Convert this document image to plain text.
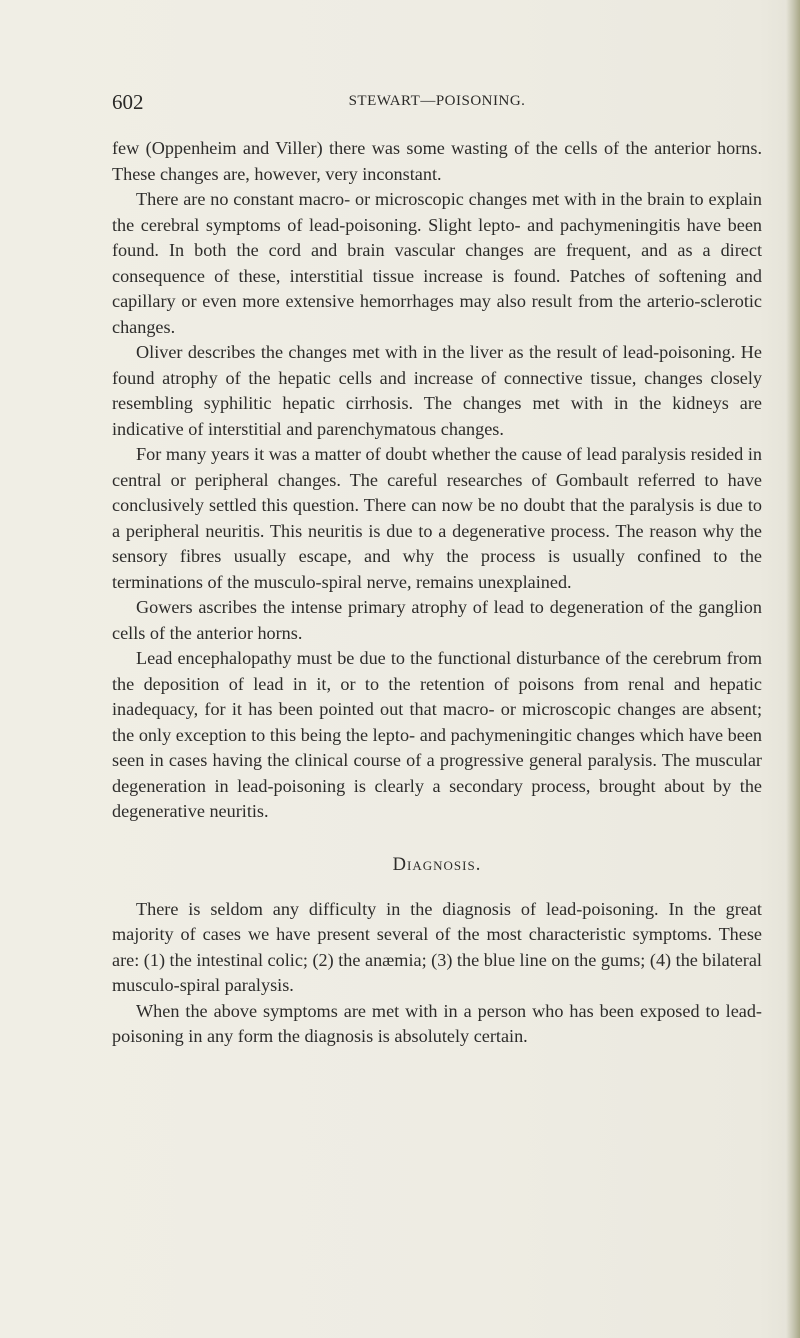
602	STEWART—POISONING.

few (Oppenheim and Viller) there was some wasting of the cells of the anterior horns. These changes are, however, very inconstant.

There are no constant macro- or microscopic changes met with in the brain to explain the cerebral symptoms of lead-poisoning. Slight lepto- and pachymeningitis have been found. In both the cord and brain vascular changes are frequent, and as a direct consequence of these, interstitial tissue increase is found. Patches of softening and capillary or even more extensive hemorrhages may also result from the arterio-sclerotic changes.

Oliver describes the changes met with in the liver as the result of lead-poisoning. He found atrophy of the hepatic cells and increase of connective tissue, changes closely resembling syphilitic hepatic cirrhosis. The changes met with in the kidneys are indicative of interstitial and parenchymatous changes.

For many years it was a matter of doubt whether the cause of lead paralysis resided in central or peripheral changes. The careful researches of Gombault referred to have conclusively settled this question. There can now be no doubt that the paralysis is due to a peripheral neuritis. This neuritis is due to a degenerative process. The reason why the sensory fibres usually escape, and why the process is usually confined to the terminations of the musculo-spiral nerve, remains unexplained.

Gowers ascribes the intense primary atrophy of lead to degeneration of the ganglion cells of the anterior horns.

Lead encephalopathy must be due to the functional disturbance of the cerebrum from the deposition of lead in it, or to the retention of poisons from renal and hepatic inadequacy, for it has been pointed out that macro- or microscopic changes are absent; the only exception to this being the lepto- and pachymeningitic changes which have been seen in cases having the clinical course of a progressive general paralysis. The muscular degeneration in lead-poisoning is clearly a secondary process, brought about by the degenerative neuritis.

Diagnosis.

There is seldom any difficulty in the diagnosis of lead-poisoning. In the great majority of cases we have present several of the most characteristic symptoms. These are: (1) the intestinal colic; (2) the anæmia; (3) the blue line on the gums; (4) the bilateral musculo-spiral paralysis.

When the above symptoms are met with in a person who has been exposed to lead-poisoning in any form the diagnosis is absolutely certain.
